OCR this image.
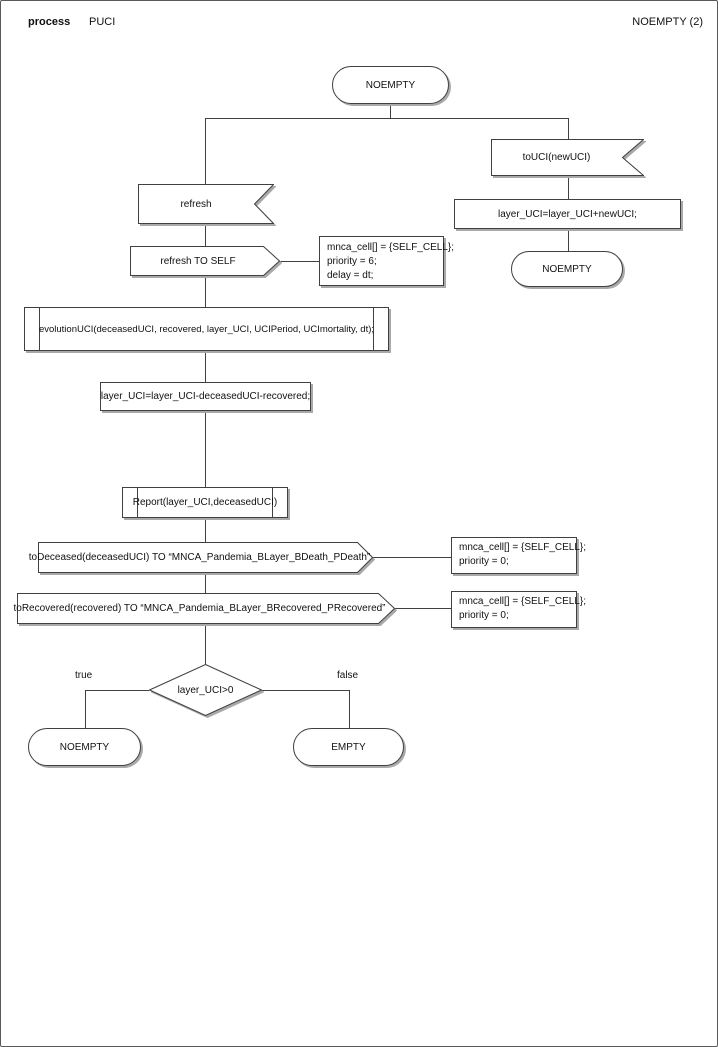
process PUCI	NOEMPTY (2)
NOEMPTY
toUCI(newUCI)
layer_UCI=layer_UCI+newUCI;
NOEMPTY
refresh
refresh TO SELF
mnca_cell[] = {SELF_CELL};
priority = 6;
delay = dt;
evolutionUCI(deceasedUCI, recovered, layer_UCI, UCIPeriod, UCImortality, dt);
layer_UCI=layer_UCI-deceasedUCI-recovered;
Report(layer_UCI,deceasedUCI)
toDeceased(deceasedUCI) TO “MNCA_Pandemia_BLayer_BDeath_PDeath”
mnca_cell[] = {SELF_CELL};
priority = 0;
toRecovered(recovered) TO “MNCA_Pandemia_BLayer_BRecovered_PRecovered”
mnca_cell[] = {SELF_CELL};
priority = 0;
layer_UCI>0
true	false
NOEMPTY	EMPTY
